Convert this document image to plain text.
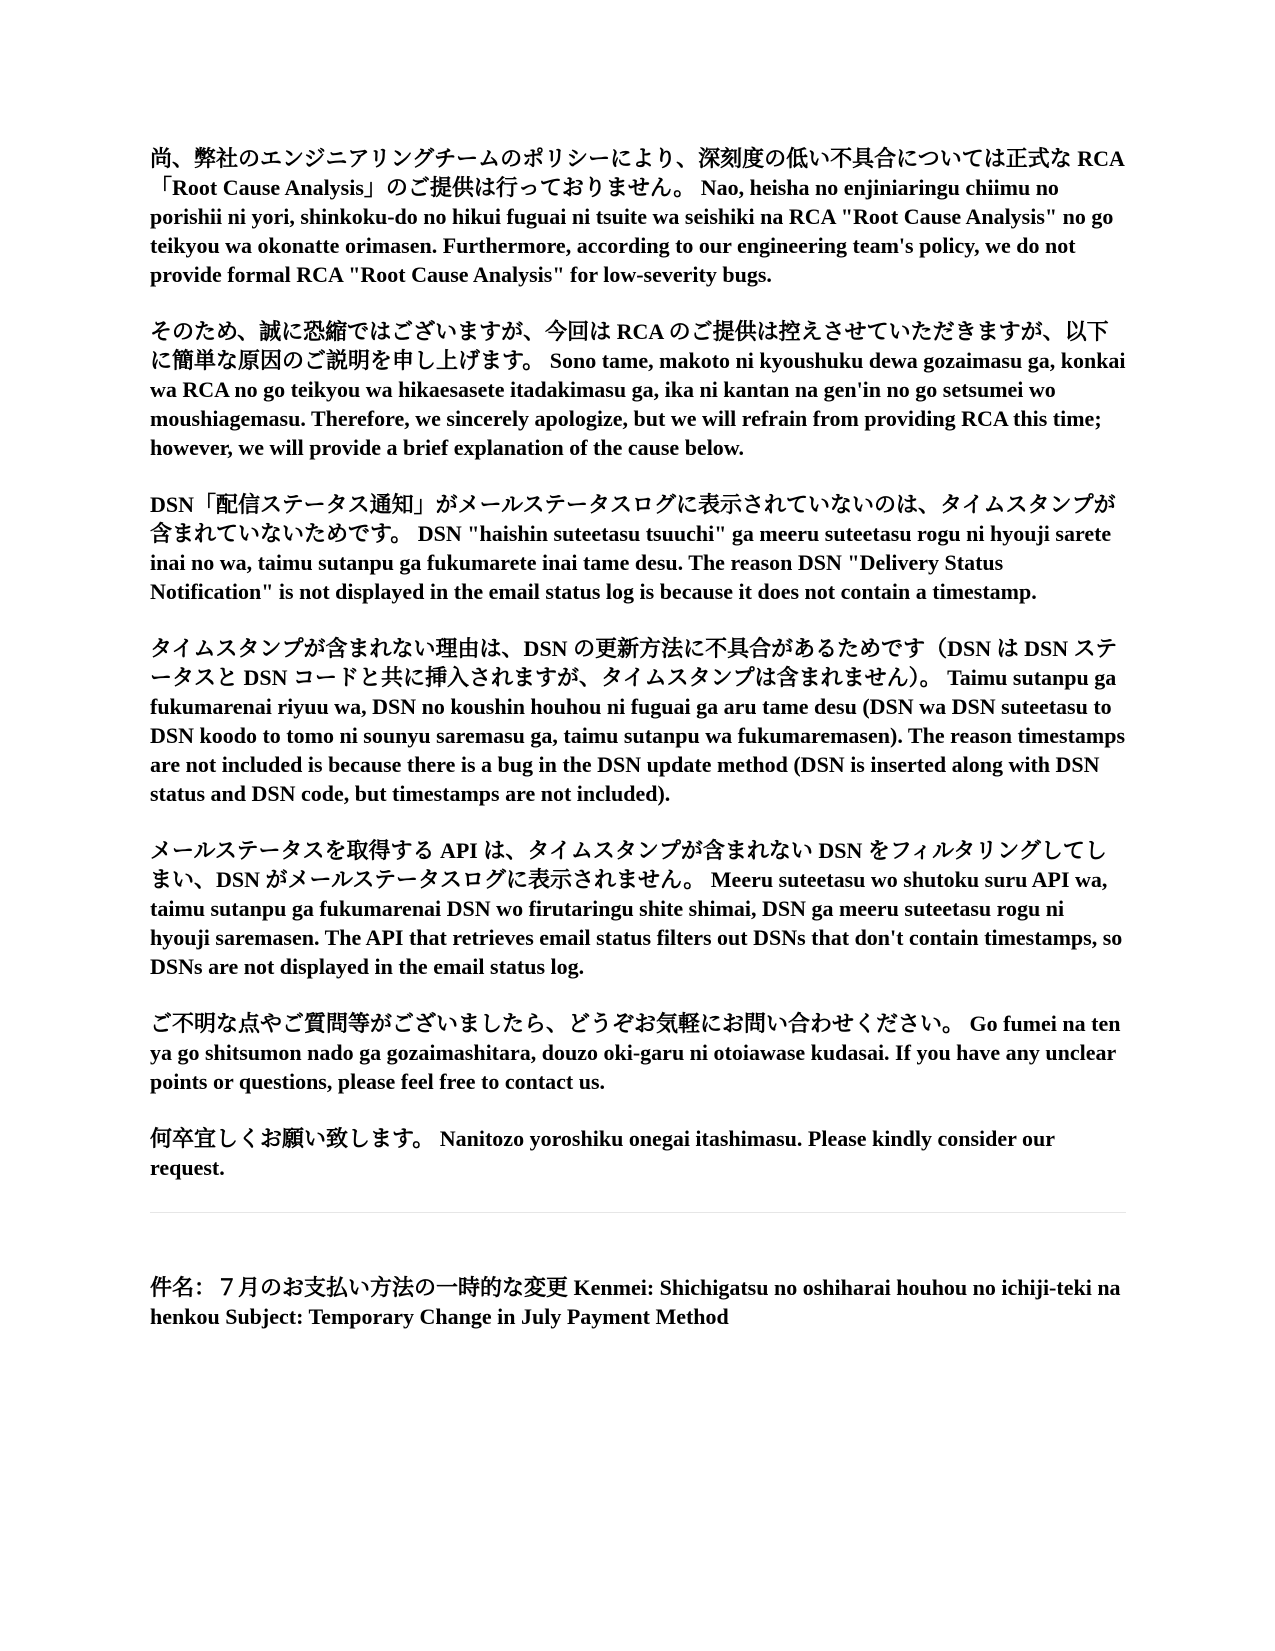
尚、弊社のエンジニアリングチームのポリシーにより、深刻度の低い不具合については正式な RCA「Root Cause Analysis」のご提供は行っておりません。 Nao, heisha no enjiniaringu chiimu no porishii ni yori, shinkoku-do no hikui fuguai ni tsuite wa seishiki na RCA "Root Cause Analysis" no go teikyou wa okonatte orimasen. Furthermore, according to our engineering team's policy, we do not provide formal RCA "Root Cause Analysis" for low-severity bugs.

そのため、誠に恐縮ではございますが、今回は RCA のご提供は控えさせていただきますが、以下に簡単な原因のご説明を申し上げます。 Sono tame, makoto ni kyoushuku dewa gozaimasu ga, konkai wa RCA no go teikyou wa hikaesasete itadakimasu ga, ika ni kantan na gen'in no go setsumei wo moushiagemasu. Therefore, we sincerely apologize, but we will refrain from providing RCA this time; however, we will provide a brief explanation of the cause below.

DSN「配信ステータス通知」がメールステータスログに表示されていないのは、タイムスタンプが含まれていないためです。 DSN "haishin suteetasu tsuuchi" ga meeru suteetasu rogu ni hyouji sarete inai no wa, taimu sutanpu ga fukumarete inai tame desu. The reason DSN "Delivery Status Notification" is not displayed in the email status log is because it does not contain a timestamp.

タイムスタンプが含まれない理由は、DSN の更新方法に不具合があるためです（DSN は DSN ステータスと DSN コードと共に挿入されますが、タイムスタンプは含まれません）。 Taimu sutanpu ga fukumarenai riyuu wa, DSN no koushin houhou ni fuguai ga aru tame desu (DSN wa DSN suteetasu to DSN koodo to tomo ni sounyu saremasu ga, taimu sutanpu wa fukumaremasen). The reason timestamps are not included is because there is a bug in the DSN update method (DSN is inserted along with DSN status and DSN code, but timestamps are not included).

メールステータスを取得する API は、タイムスタンプが含まれない DSN をフィルタリングしてしまい、DSN がメールステータスログに表示されません。 Meeru suteetasu wo shutoku suru API wa, taimu sutanpu ga fukumarenai DSN wo firutaringu shite shimai, DSN ga meeru suteetasu rogu ni hyouji saremasen. The API that retrieves email status filters out DSNs that don't contain timestamps, so DSNs are not displayed in the email status log.

ご不明な点やご質問等がございましたら、どうぞお気軽にお問い合わせください。 Go fumei na ten ya go shitsumon nado ga gozaimashitara, douzo oki-garu ni otoiawase kudasai. If you have any unclear points or questions, please feel free to contact us.

何卒宜しくお願い致します。 Nanitozo yoroshiku onegai itashimasu. Please kindly consider our request.

件名：７月のお支払い方法の一時的な変更 Kenmei: Shichigatsu no oshiharai houhou no ichiji-teki na henkou Subject: Temporary Change in July Payment Method
